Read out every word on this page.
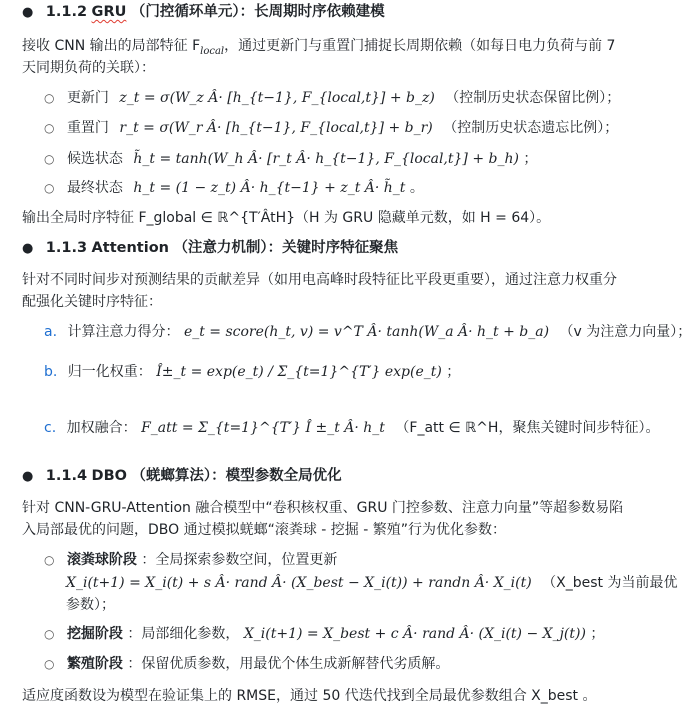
● 1.1.2 GRU （门控循环单元）：长周期时序依赖建模
接收 CNN 输出的局部特征 $F_{local}$，通过更新门与重置门捕捉长周期依赖（如每日电力负荷与前 7
天同期负荷的关联）：
○ 更新门 z_t = σ(W_z Â· [h_{t−1}, F_{local,t}] + b_z) （控制历史状态保留比例）；
○ 重置门 r_t = σ(W_r Â· [h_{t−1}, F_{local,t}] + b_r) （控制历史状态遗忘比例）；
○ 候选状态 h̃_t = tanh(W_h Â· [r_t Â· h_{t−1}, F_{local,t}] + b_h) ；
○ 最终状态 h_t = (1 − z_t) Â· h_{t−1} + z_t Â· h̃_t 。
输出全局时序特征 F_global ∈ ℝ^{T′ÂtH}（H 为 GRU 隐藏单元数，如 H = 64）。
● 1.1.3 Attention （注意力机制）：关键时序特征聚焦
针对不同时间步对预测结果的贡献差异（如用电高峰时段特征比平段更重要），通过注意力权重分
配强化关键时序特征：
a. 计算注意力得分： e_t = score(h_t, v) = v^T Â· tanh(W_a Â· h_t + b_a) （v 为注意力向量）；
b. 归一化权重： Î±_t = exp(e_t) / Σ_{t=1}^{T′} exp(e_t) ；
c. 加权融合： F_att = Σ_{t=1}^{T′} Î ±_t Â· h_t （F_att ∈ ℝ^H，聚焦关键时间步特征）。
● 1.1.4 DBO （蜣螂算法）：模型参数全局优化
针对 CNN-GRU-Attention 融合模型中“卷积核权重、GRU 门控参数、注意力向量”等超参数易陷
入局部最优的问题，DBO 通过模拟蜣螂“滚粪球 - 挖掘 - 繁殖”行为优化参数：
○ 滚粪球阶段 ：全局探索参数空间，位置更新
X_i(t+1) = X_i(t) + s Â· rand Â· (X_best − X_i(t)) + randn Â· X_i(t) （X_best 为当前最优
参数）；
○ 挖掘阶段 ：局部细化参数， X_i(t+1) = X_best + c Â· rand Â· (X_i(t) − X_j(t)) ；
○ 繁殖阶段 ：保留优质参数，用最优个体生成新解替代劣质解。
适应度函数设为模型在验证集上的 RMSE，通过 50 代迭代找到全局最优参数组合 X_best 。
